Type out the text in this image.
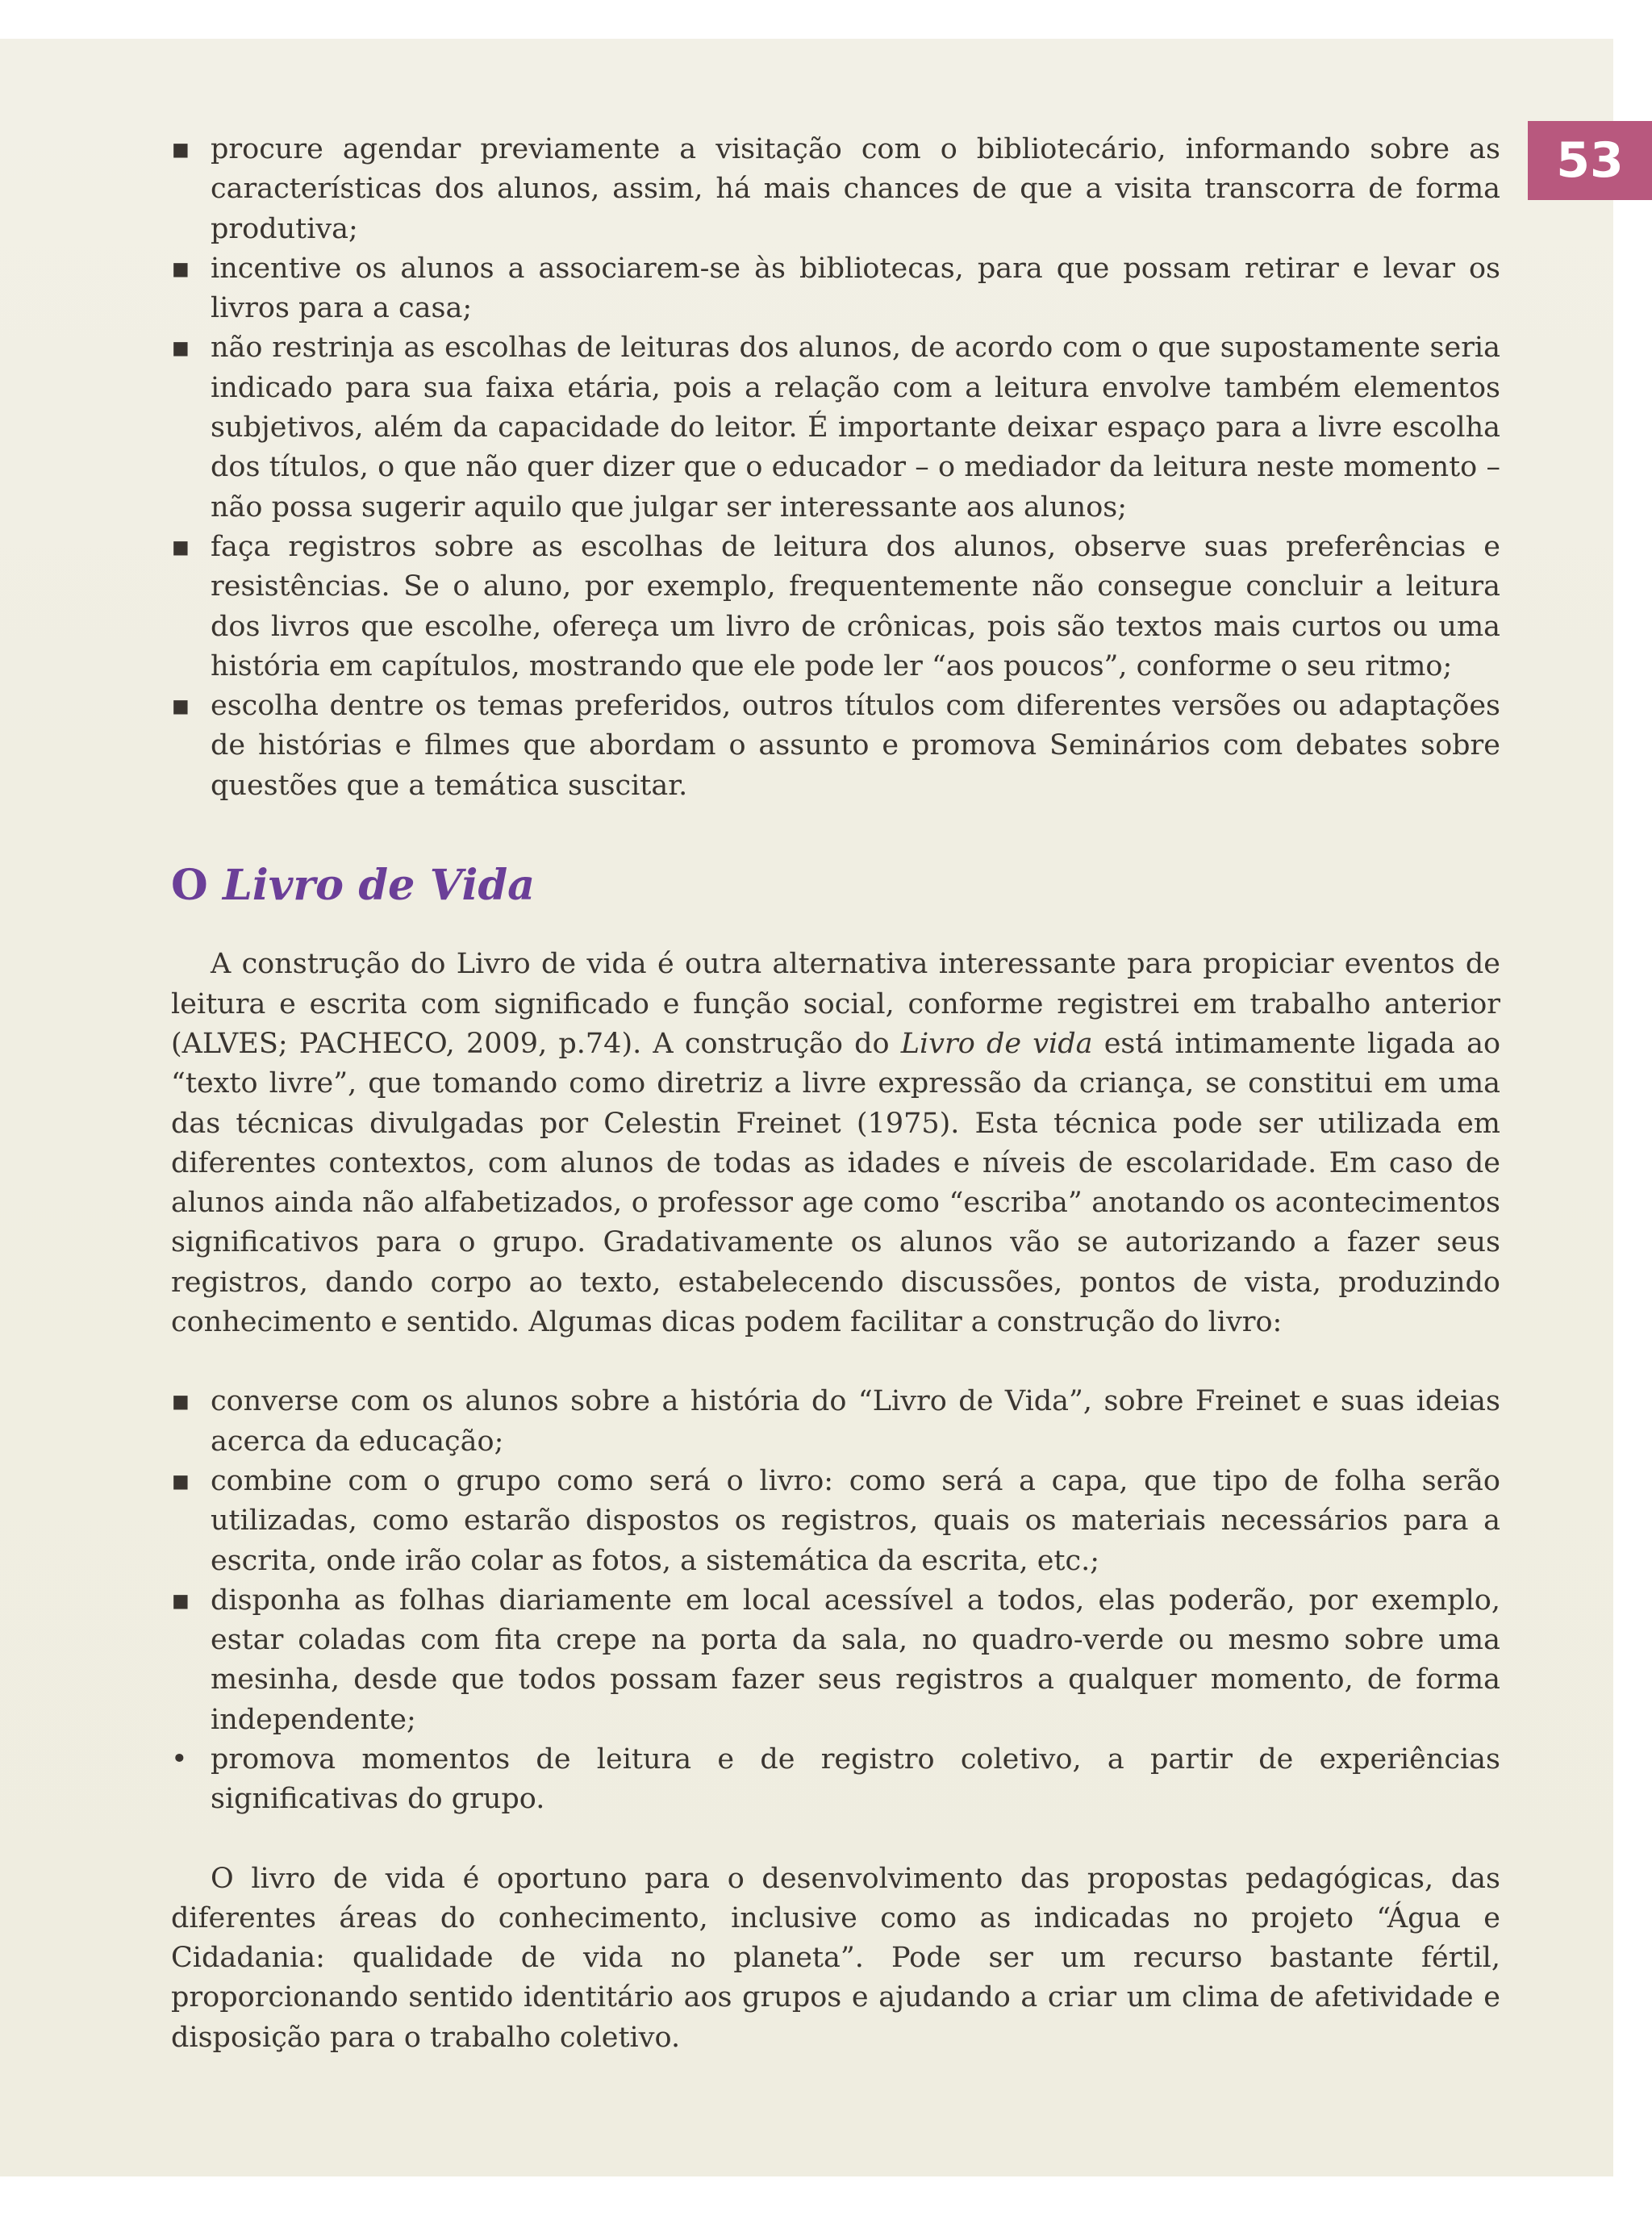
53
▪ procure agendar previamente a visitação com o bibliotecário, informando sobre as características dos alunos, assim, há mais chances de que a visita transcorra de forma produtiva;
▪ incentive os alunos a associarem-se às bibliotecas, para que possam retirar e levar os livros para a casa;
▪ não restrinja as escolhas de leituras dos alunos, de acordo com o que supostamente seria indicado para sua faixa etária, pois a relação com a leitura envolve também elementos subjetivos, além da capacidade do leitor. É importante deixar espaço para a livre escolha dos títulos, o que não quer dizer que o educador – o mediador da leitura neste momento – não possa sugerir aquilo que julgar ser interessante aos alunos;
▪ faça registros sobre as escolhas de leitura dos alunos, observe suas preferências e resistências. Se o aluno, por exemplo, frequentemente não consegue concluir a leitura dos livros que escolhe, ofereça um livro de crônicas, pois são textos mais curtos ou uma história em capítulos, mostrando que ele pode ler “aos poucos”, conforme o seu ritmo;
▪ escolha dentre os temas preferidos, outros títulos com diferentes versões ou adaptações de histórias e filmes que abordam o assunto e promova Seminários com debates sobre questões que a temática suscitar.
O Livro de Vida

A construção do Livro de vida é outra alternativa interessante para propiciar eventos de leitura e escrita com significado e função social, conforme registrei em trabalho anterior (ALVES; PACHECO, 2009, p.74). A construção do Livro de vida está intimamente ligada ao “texto livre”, que tomando como diretriz a livre expressão da criança, se constitui em uma das técnicas divulgadas por Celestin Freinet (1975). Esta técnica pode ser utilizada em diferentes contextos, com alunos de todas as idades e níveis de escolaridade. Em caso de alunos ainda não alfabetizados, o professor age como “escriba” anotando os acontecimentos significativos para o grupo. Gradativamente os alunos vão se autorizando a fazer seus registros, dando corpo ao texto, estabelecendo discussões, pontos de vista, produzindo conhecimento e sentido. Algumas dicas podem facilitar a construção do livro:

▪ converse com os alunos sobre a história do “Livro de Vida”, sobre Freinet e suas ideias acerca da educação;
▪ combine com o grupo como será o livro: como será a capa, que tipo de folha serão utilizadas, como estarão dispostos os registros, quais os materiais necessários para a escrita, onde irão colar as fotos, a sistemática da escrita, etc.;
▪ disponha as folhas diariamente em local acessível a todos, elas poderão, por exemplo, estar coladas com fita crepe na porta da sala, no quadro-verde ou mesmo sobre uma mesinha, desde que todos possam fazer seus registros a qualquer momento, de forma independente;
• promova momentos de leitura e de registro coletivo, a partir de experiências significativas do grupo.

O livro de vida é oportuno para o desenvolvimento das propostas pedagógicas, das diferentes áreas do conhecimento, inclusive como as indicadas no projeto “Água e Cidadania: qualidade de vida no planeta”. Pode ser um recurso bastante fértil, proporcionando sentido identitário aos grupos e ajudando a criar um clima de afetividade e disposição para o trabalho coletivo.
